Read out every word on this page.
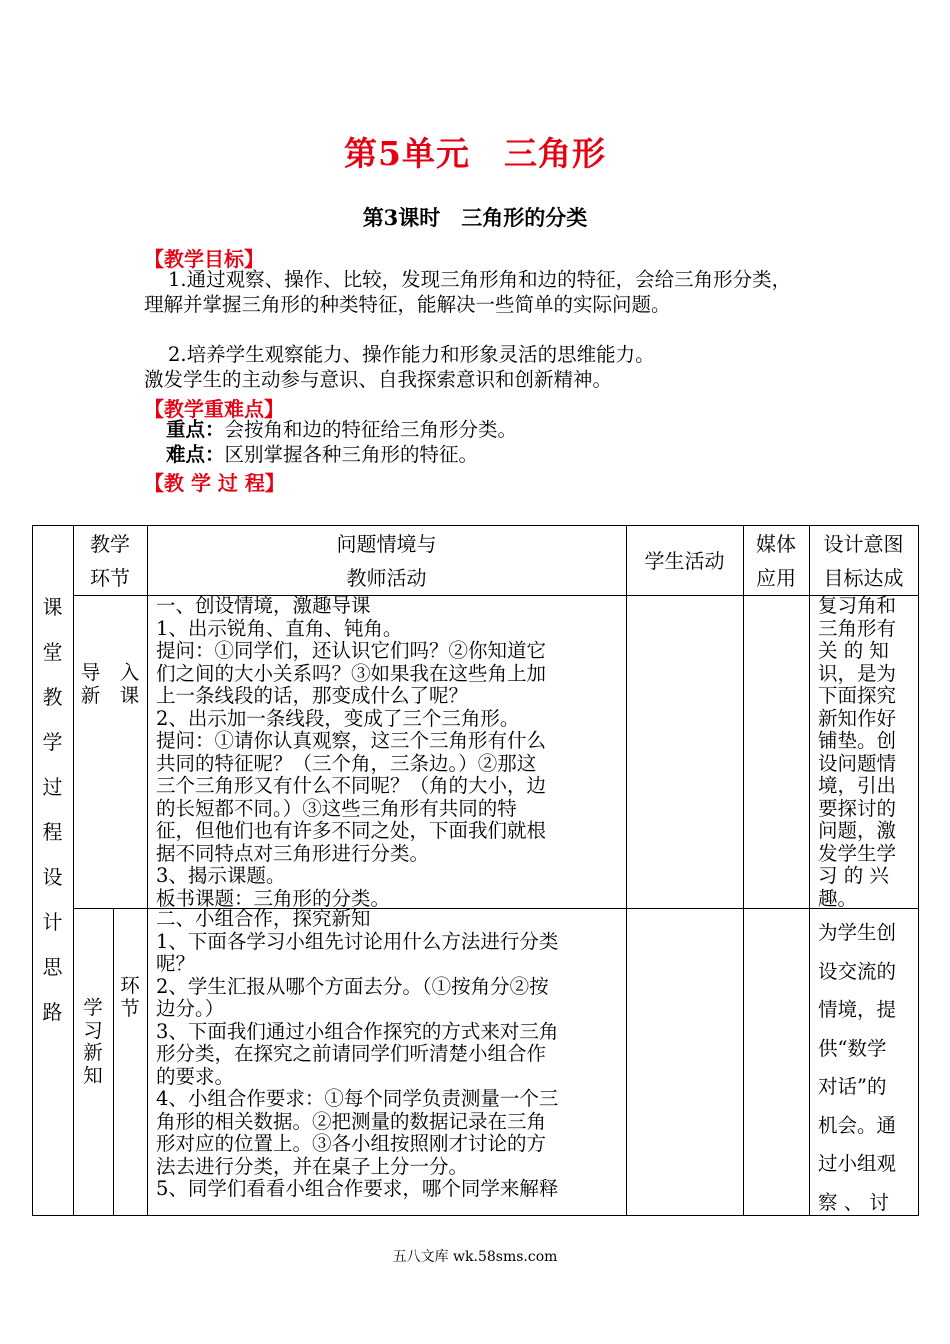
第5单元　三角形
第3课时　三角形的分类
【教学目标】
1.通过观察、操作、比较，发现三角形角和边的特征，会给三角形分类，理解并掌握三角形的种类特征，能解决一些简单的实际问题。
2.培养学生观察能力、操作能力和形象灵活的思维能力。
激发学生的主动参与意识、自我探索意识和创新精神。
【教学重难点】
重点：会按角和边的特征给三角形分类。
难点：区别掌握各种三角形的特征。
【教 学 过 程】
课
堂
教
学
过
程
设
计
思
路
教学
环节
问题情境与
教师活动
学生活动
媒体
应用
设计意图
目标达成
导　入
新　课
一、创设情境，激趣导课
1、出示锐角、直角、钝角。
提问：①同学们，还认识它们吗？②你知道它
们之间的大小关系吗？③如果我在这些角上加
上一条线段的话，那变成什么了呢？
2、出示加一条线段，变成了三个三角形。
提问：①请你认真观察，这三个三角形有什么
共同的特征呢？（三个角，三条边。）②那这
三个三角形又有什么不同呢？（角的大小，边
的长短都不同。）③这些三角形有共同的特
征，但他们也有许多不同之处，下面我们就根
据不同特点对三角形进行分类。
3、揭示课题。
板书课题：三角形的分类。
复习角和
三角形有
关 的 知
识，是为
下面探究
新知作好
铺垫。创
设问题情
境，引出
要探讨的
问题，激
发学生学
习 的 兴
趣。
学
习
新
知
环
节
二、小组合作，探究新知
1、下面各学习小组先讨论用什么方法进行分类
呢？
2、学生汇报从哪个方面去分。（①按角分②按
边分。）
3、下面我们通过小组合作探究的方式来对三角
形分类，在探究之前请同学们听清楚小组合作
的要求。
4、小组合作要求：①每个同学负责测量一个三
角形的相关数据。②把测量的数据记录在三角
形对应的位置上。③各小组按照刚才讨论的方
法去进行分类，并在桌子上分一分。
5、同学们看看小组合作要求，哪个同学来解释
为学生创
设交流的
情境，提
供“数学
对话”的
机会。通
过小组观
察 、 讨
五八文库 wk.58sms.com
